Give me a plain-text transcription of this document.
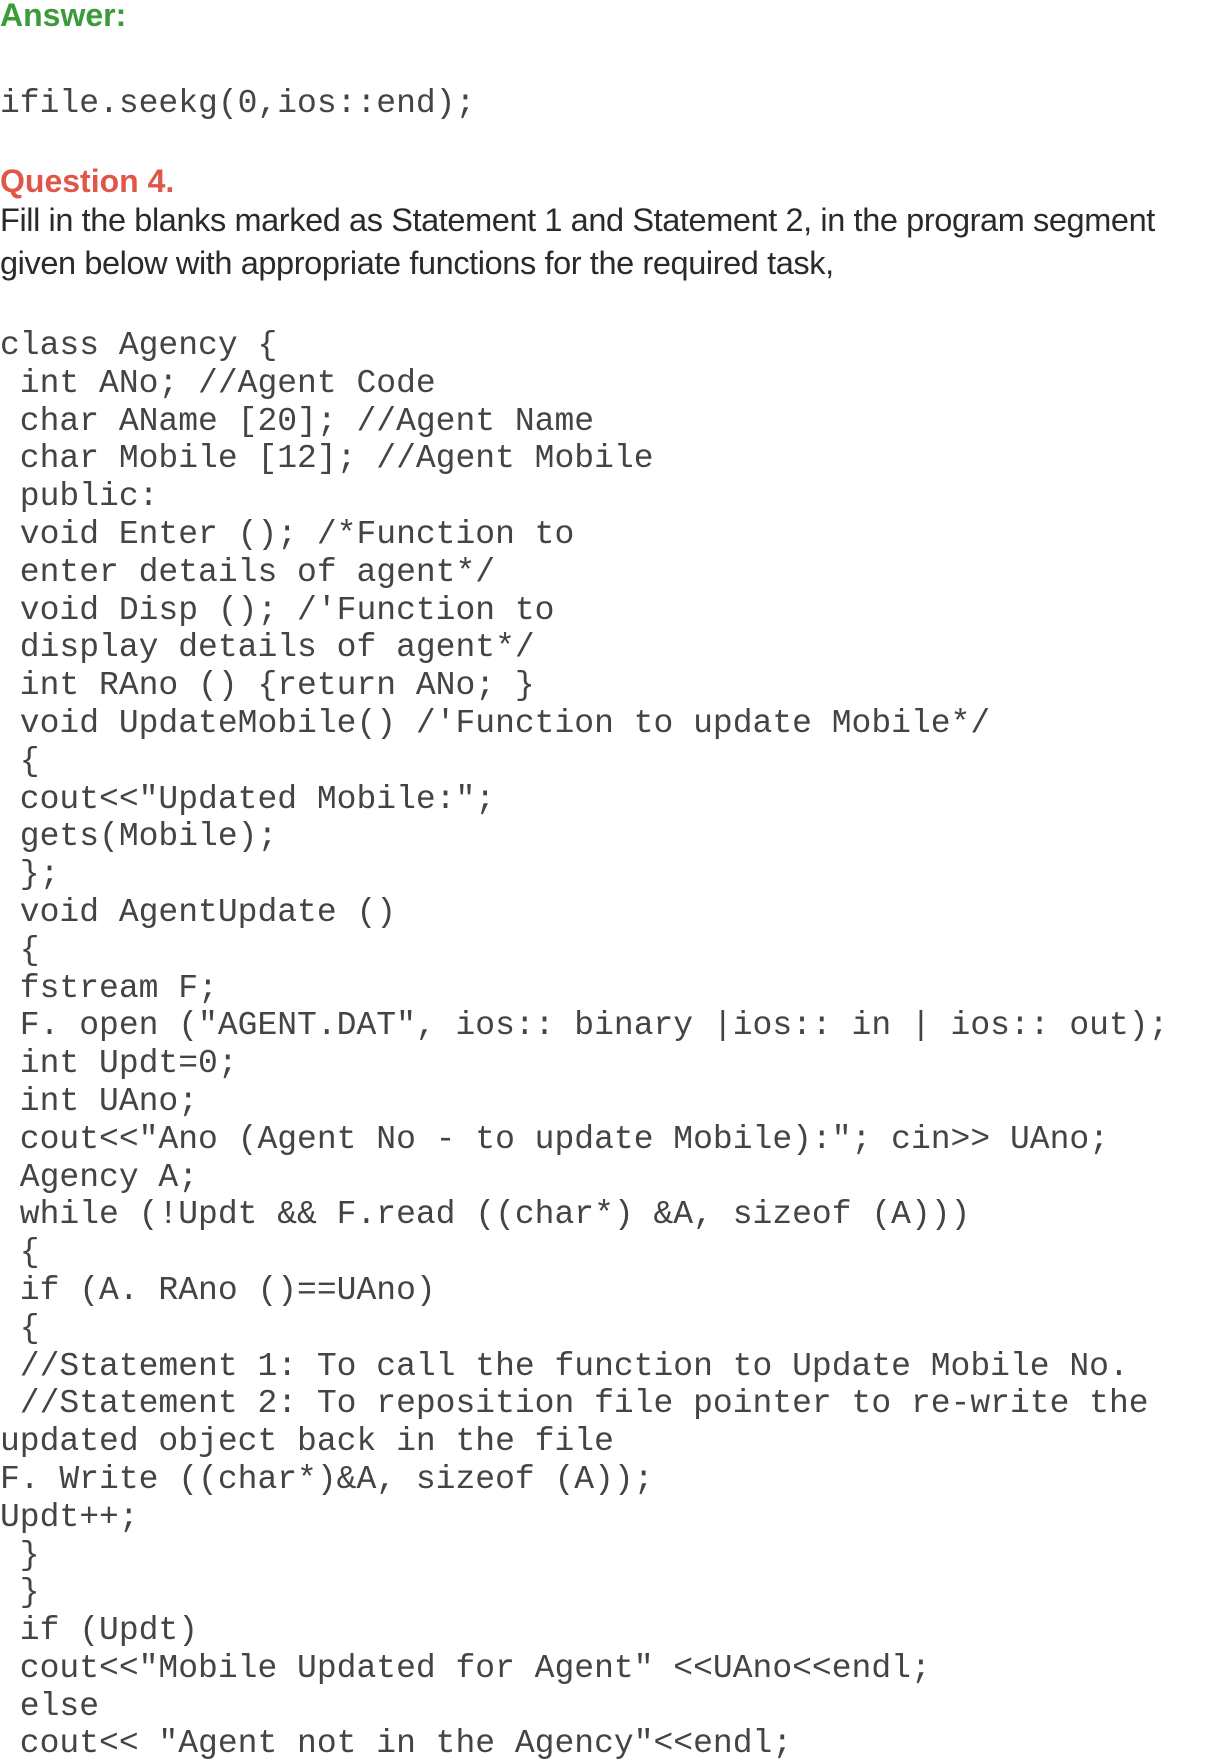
Answer:
ifile.seekg(0,ios::end);
Question 4.

Fill in the blanks marked as Statement 1 and Statement 2, in the program segment given below with appropriate functions for the required task,

class Agency {
int ANo; //Agent Code
char AName [20]; //Agent Name
char Mobile [12]; //Agent Mobile
public:
void Enter (); /*Function to
enter details of agent*/
void Disp (); /'Function to
display details of agent*/
int RAno () {return ANo; }
void UpdateMobile() /'Function to update Mobile*/
{
cout<<"Updated Mobile:";
gets(Mobile);
};
void AgentUpdate ()
{
fstream F;
F. open ("AGENT.DAT", ios:: binary |ios:: in | ios:: out);
int Updt=0;
int UAno;
cout<<"Ano (Agent No - to update Mobile):"; cin>> UAno;
Agency A;
while (!Updt && F.read ((char*) &A, sizeof (A)))
{
if (A. RAno ()==UAno)
{
//Statement 1: To call the function to Update Mobile No.
//Statement 2: To reposition file pointer to re-write the
updated object back in the file
F. Write ((char*)&A, sizeof (A));
Updt++;
}
}
if (Updt)
cout<<"Mobile Updated for Agent" <<UAno<<endl;
else
cout<< "Agent not in the Agency"<<endl;
